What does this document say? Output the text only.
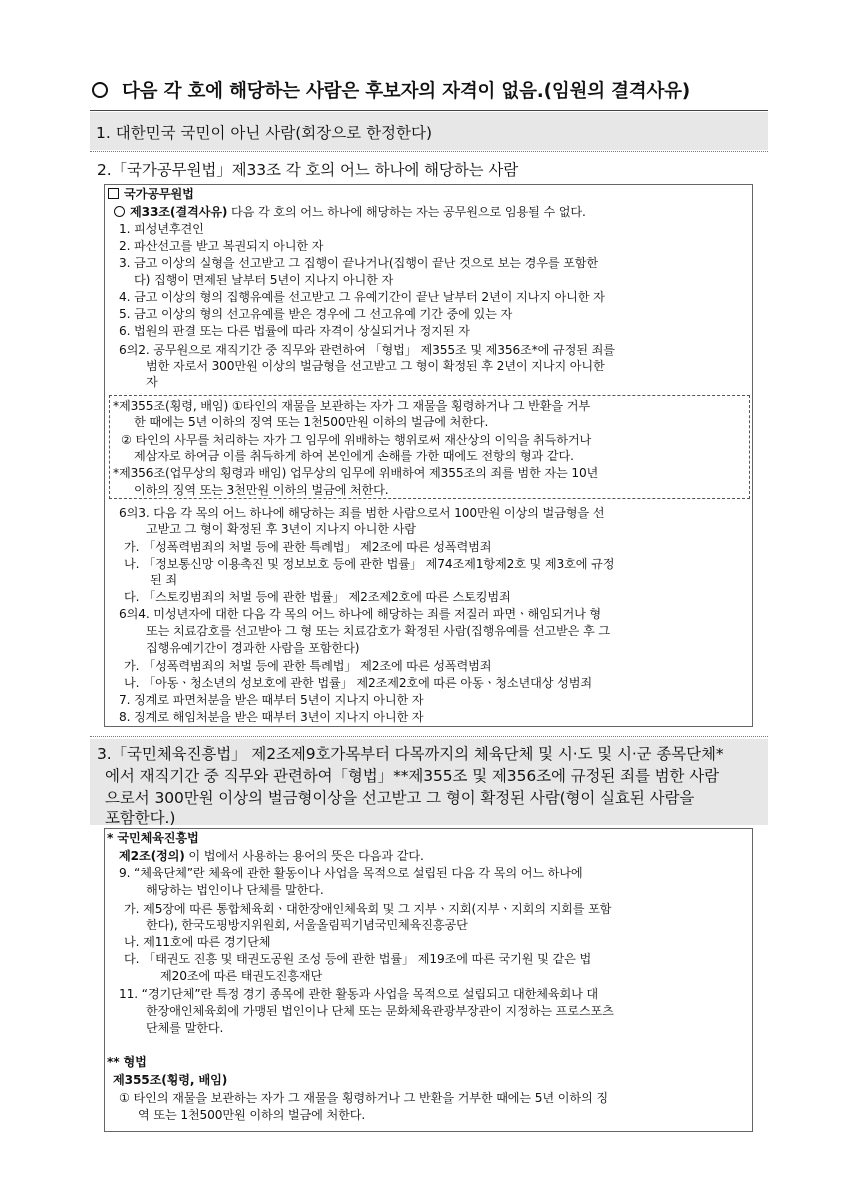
다음 각 호에 해당하는 사람은 후보자의 자격이 없음.(임원의 결격사유)
1. 대한민국 국민이 아닌 사람(회장으로 한정한다)
2.「국가공무원법」제33조 각 호의 어느 하나에 해당하는 사람
국가공무원법
제33조(결격사유) 다음 각 호의 어느 하나에 해당하는 자는 공무원으로 임용될 수 없다.
1. 피성년후견인
2. 파산선고를 받고 복권되지 아니한 자
3. 금고 이상의 실형을 선고받고 그 집행이 끝나거나(집행이 끝난 것으로 보는 경우를 포함한
다) 집행이 면제된 날부터 5년이 지나지 아니한 자
4. 금고 이상의 형의 집행유예를 선고받고 그 유예기간이 끝난 날부터 2년이 지나지 아니한 자
5. 금고 이상의 형의 선고유예를 받은 경우에 그 선고유예 기간 중에 있는 자
6. 법원의 판결 또는 다른 법률에 따라 자격이 상실되거나 정지된 자
6의2. 공무원으로 재직기간 중 직무와 관련하여 「형법」 제355조 및 제356조*에 규정된 죄를
범한 자로서 300만원 이상의 벌금형을 선고받고 그 형이 확정된 후 2년이 지나지 아니한
자
*제355조(횡령, 배임) ①타인의 재물을 보관하는 자가 그 재물을 횡령하거나 그 반환을 거부
한 때에는 5년 이하의 징역 또는 1천500만원 이하의 벌금에 처한다.
② 타인의 사무를 처리하는 자가 그 임무에 위배하는 행위로써 재산상의 이익을 취득하거나
제삼자로 하여금 이를 취득하게 하여 본인에게 손해를 가한 때에도 전항의 형과 같다.
*제356조(업무상의 횡령과 배임) 업무상의 임무에 위배하여 제355조의 죄를 범한 자는 10년
이하의 징역 또는 3천만원 이하의 벌금에 처한다.
6의3. 다음 각 목의 어느 하나에 해당하는 죄를 범한 사람으로서 100만원 이상의 벌금형을 선
고받고 그 형이 확정된 후 3년이 지나지 아니한 사람
가. 「성폭력범죄의 처벌 등에 관한 특례법」 제2조에 따른 성폭력범죄
나. 「정보통신망 이용촉진 및 정보보호 등에 관한 법률」 제74조제1항제2호 및 제3호에 규정
된 죄
다. 「스토킹범죄의 처벌 등에 관한 법률」 제2조제2호에 따른 스토킹범죄
6의4. 미성년자에 대한 다음 각 목의 어느 하나에 해당하는 죄를 저질러 파면ㆍ해임되거나 형
또는 치료감호를 선고받아 그 형 또는 치료감호가 확정된 사람(집행유예를 선고받은 후 그
집행유예기간이 경과한 사람을 포함한다)
가. 「성폭력범죄의 처벌 등에 관한 특례법」 제2조에 따른 성폭력범죄
나. 「아동ㆍ청소년의 성보호에 관한 법률」 제2조제2호에 따른 아동ㆍ청소년대상 성범죄
7. 징계로 파면처분을 받은 때부터 5년이 지나지 아니한 자
8. 징계로 해임처분을 받은 때부터 3년이 지나지 아니한 자
3.「국민체육진흥법」 제2조제9호가목부터 다목까지의 체육단체 및 시·도 및 시·군 종목단체*
에서 재직기간 중 직무와 관련하여「형법」**제355조 및 제356조에 규정된 죄를 범한 사람
으로서 300만원 이상의 벌금형이상을 선고받고 그 형이 확정된 사람(형이 실효된 사람을
포함한다.)
* 국민체육진흥법
제2조(정의) 이 법에서 사용하는 용어의 뜻은 다음과 같다.
9. “체육단체”란 체육에 관한 활동이나 사업을 목적으로 설립된 다음 각 목의 어느 하나에
해당하는 법인이나 단체를 말한다.
가. 제5장에 따른 통합체육회ㆍ대한장애인체육회 및 그 지부ㆍ지회(지부ㆍ지회의 지회를 포함
한다), 한국도핑방지위원회, 서울올림픽기념국민체육진흥공단
나. 제11호에 따른 경기단체
다. 「태권도 진흥 및 태권도공원 조성 등에 관한 법률」 제19조에 따른 국기원 및 같은 법
제20조에 따른 태권도진흥재단
11. “경기단체”란 특정 경기 종목에 관한 활동과 사업을 목적으로 설립되고 대한체육회나 대
한장애인체육회에 가맹된 법인이나 단체 또는 문화체육관광부장관이 지정하는 프로스포츠
단체를 말한다.
** 형법
제355조(횡령, 배임)
① 타인의 재물을 보관하는 자가 그 재물을 횡령하거나 그 반환을 거부한 때에는 5년 이하의 징
역 또는 1천500만원 이하의 벌금에 처한다.
